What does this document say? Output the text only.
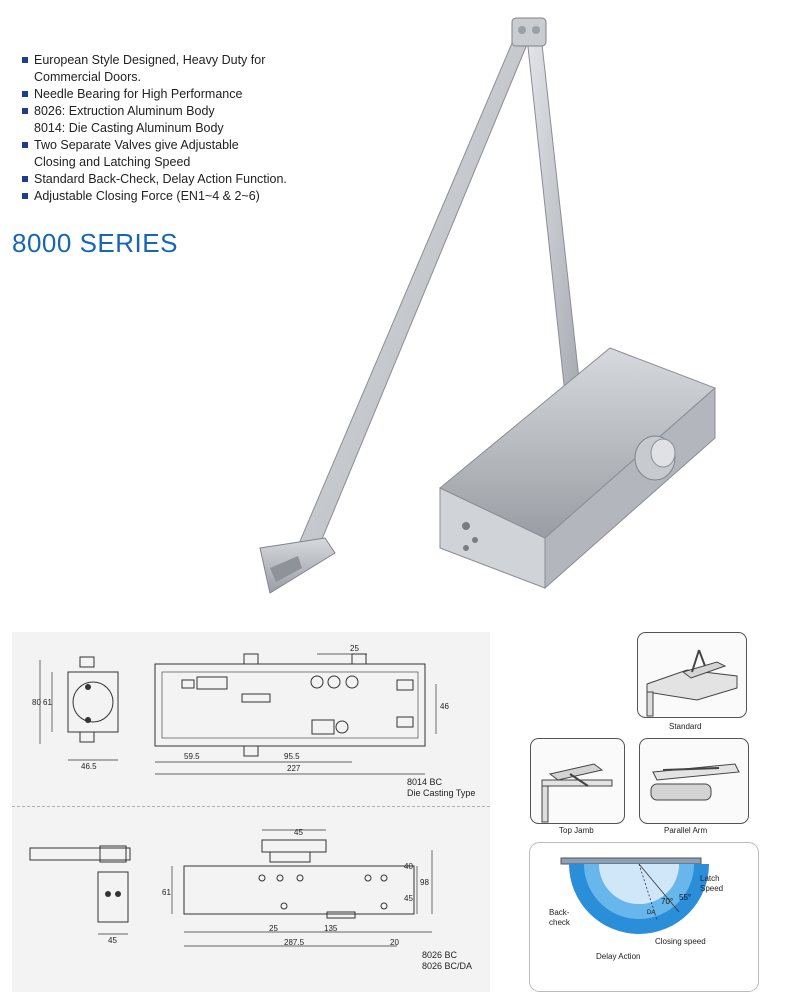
European Style Designed, Heavy Duty for Commercial Doors.
Needle Bearing for High Performance
8026: Extruction Aluminum Body
8014: Die Casting Aluminum Body
Two Separate Valves give Adjustable
Closing and Latching Speed
Standard Back-Check, Delay Action Function.
Adjustable Closing Force (EN1~4 & 2~6)
8000 SERIES
80 61
46.5
25
46
59.5	95.5
227
8014 BC
Die Casting Type
45
45
61
40
45
98
25	135
287.5	20
8026 BC
8026 BC/DA
Standard
Top Jamb	Parallel Arm
70° 55°
DA
Latch
Speed
Back-
check
Closing speed
Delay Action
